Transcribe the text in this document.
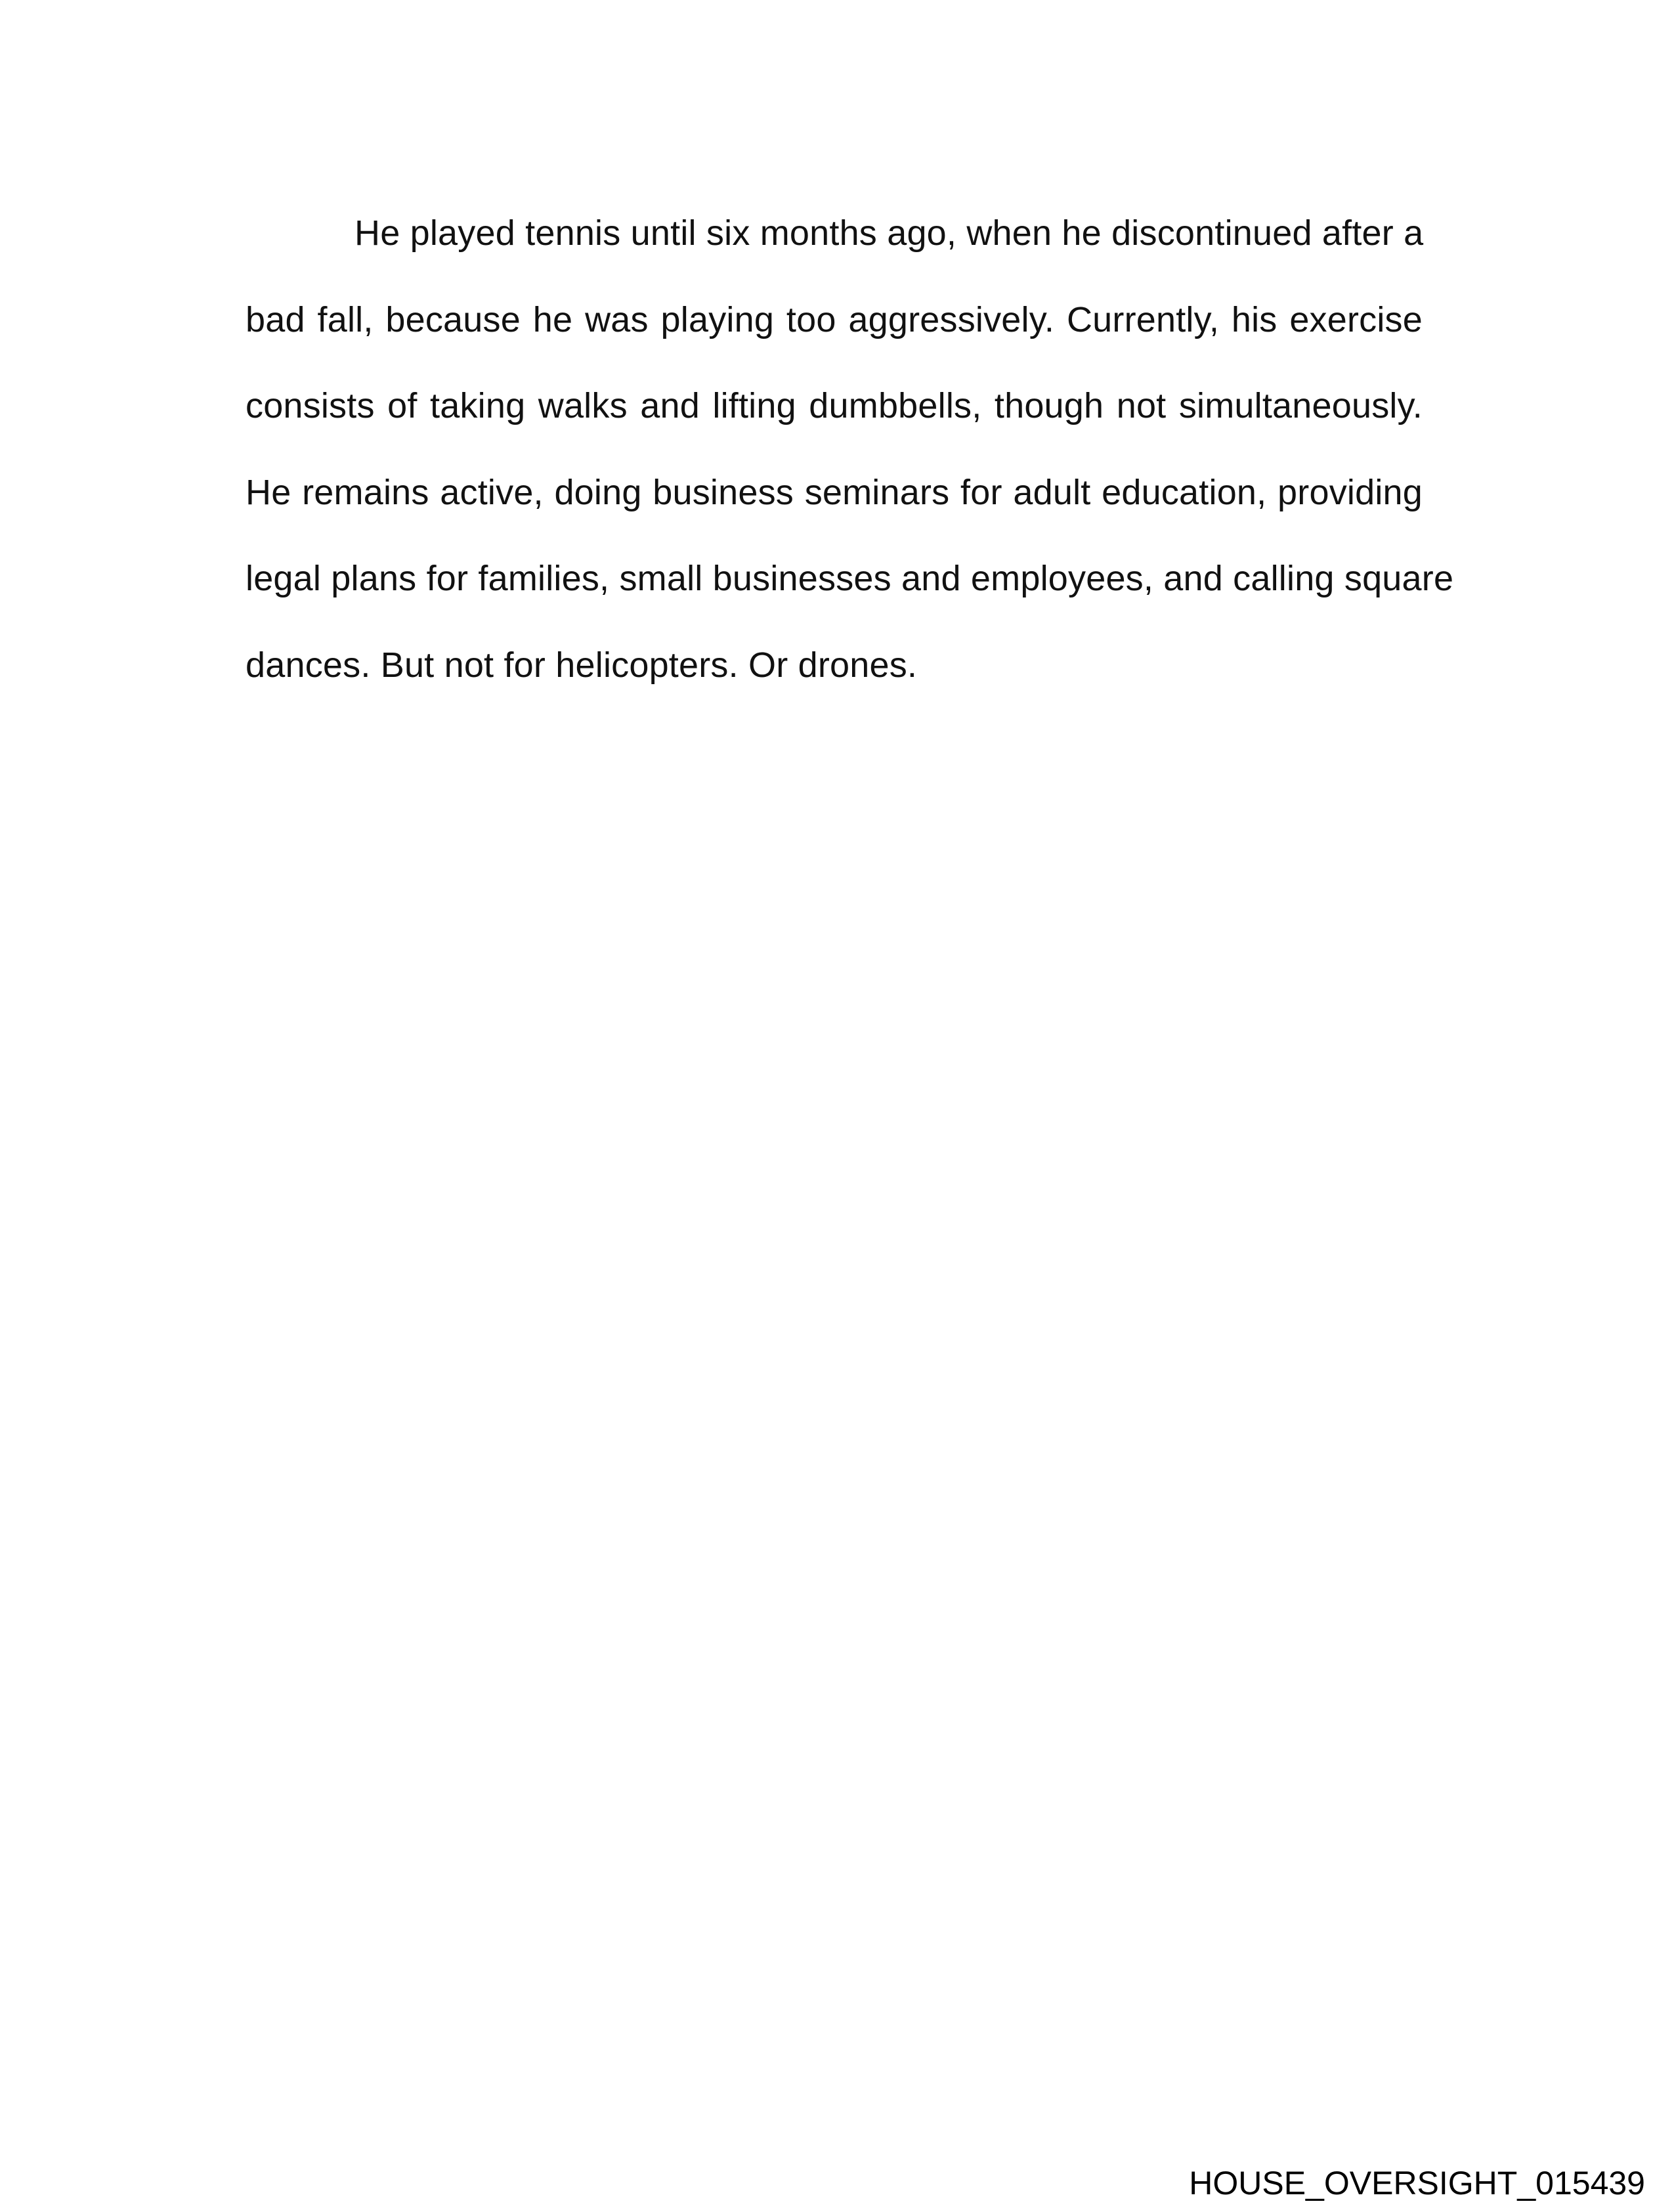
He played tennis until six months ago, when he discontinued after a
bad fall, because he was playing too aggressively. Currently, his exercise
consists of taking walks and lifting dumbbells, though not simultaneously.
He remains active, doing business seminars for adult education, providing
legal plans for families, small businesses and employees, and calling square
dances. But not for helicopters. Or drones.

HOUSE_OVERSIGHT_015439
